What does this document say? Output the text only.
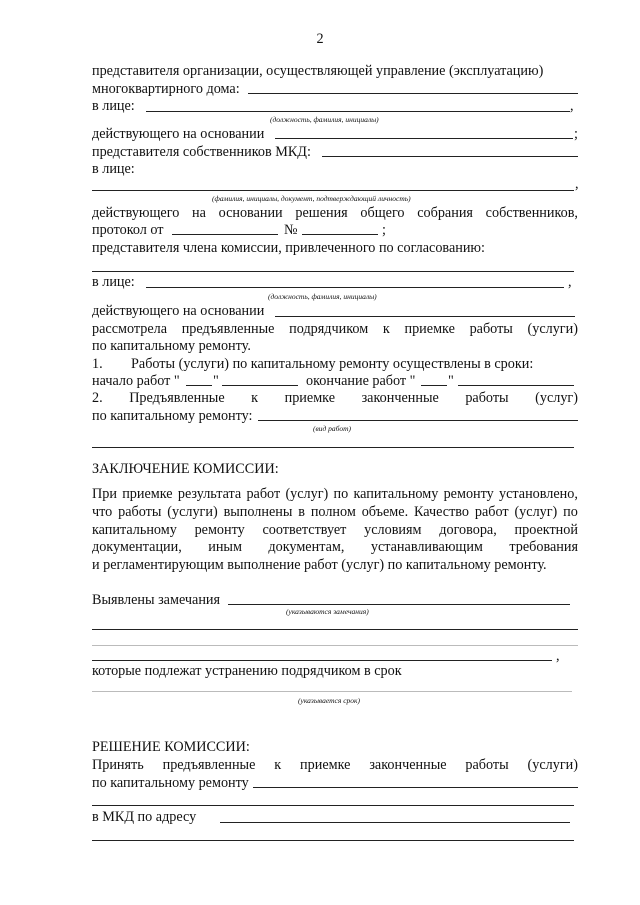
2
представителя организации, осуществляющей управление (эксплуатацию)
многоквартирного дома:
в лице:	,
(должность, фамилия, инициалы)
действующего на основании	;
представителя собственников МКД:
в лице:
,
(фамилия, инициалы, документ, подтверждающий личность)
действующего на основании решения общего собрания собственников,
протокол от	№	;
представителя члена комиссии, привлеченного по согласованию:
в лице:	,
(должность, фамилия, инициалы)
действующего на основании
рассмотрела предъявленные подрядчиком к приемке работы (услуги)
по капитальному ремонту.
1. Работы (услуги) по капитальному ремонту осуществлены в сроки:
начало работ " "	окончание работ " "
2. Предъявленные к приемке законченные работы (услуг)
по капитальному ремонту:
(вид работ)
ЗАКЛЮЧЕНИЕ КОМИССИИ:
При приемке результата работ (услуг) по капитальному ремонту установлено,
что работы (услуги) выполнены в полном объеме. Качество работ (услуг) по
капитальному ремонту соответствует условиям договора, проектной
документации, иным документам, устанавливающим требования
и регламентирующим выполнение работ (услуг) по капитальному ремонту.
Выявлены замечания
(указываются замечания)
,
которые подлежат устранению подрядчиком в срок
(указывается срок)
РЕШЕНИЕ КОМИССИИ:
Принять предъявленные к приемке законченные работы (услуги)
по капитальному ремонту
в МКД по адресу
